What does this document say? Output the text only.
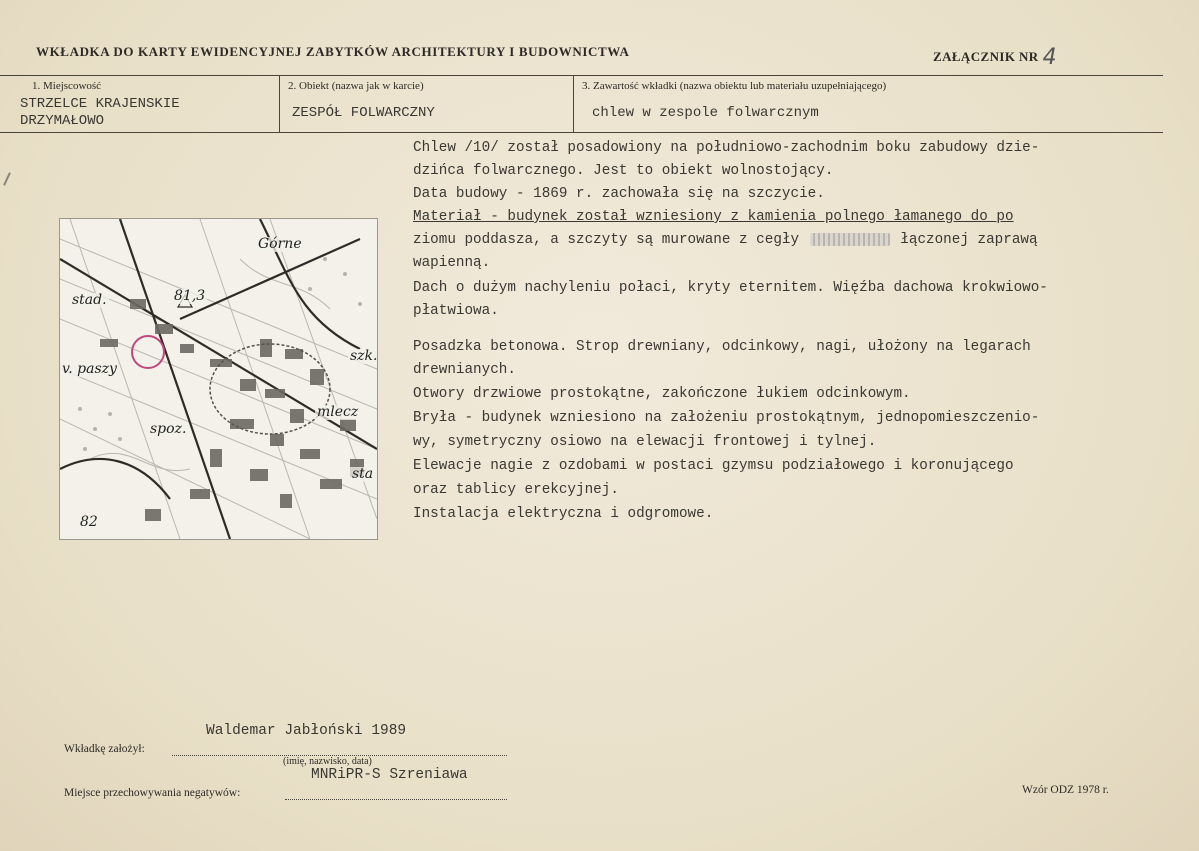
WKŁADKA DO KARTY EWIDENCYJNEJ ZABYTKÓW ARCHITEKTURY I BUDOWNICTWA	ZAŁĄCZNIK NR 4
1. Miejscowość
STRZELCE KRAJENSKIE
DRZYMAŁOWO
2. Obiekt (nazwa jak w karcie)
ZESPÓŁ FOLWARCZNY
3. Zawartość wkładki (nazwa obiektu lub materiału uzupełniającego)
chlew w zespole folwarcznym
stad.	81,3
v. paszy
spoz.
Górne
szk.
mlecz
sta
82
Chlew /10/ został posadowiony na południowo-zachodnim boku zabudowy dzie-
dzińca folwarcznego. Jest to obiekt wolnostojący.
Data budowy - 1869 r. zachowała się na szczycie.
Materiał - budynek został wzniesiony z kamienia polnego łamanego do po
ziomu poddasza, a szczyty są murowane z cegły	łączonej zaprawą
wapienną.
Dach o dużym nachyleniu połaci, kryty eternitem. Więźba dachowa krokwiowo-
płatwiowa.
Posadzka betonowa. Strop drewniany, odcinkowy, nagi, ułożony na legarach
drewnianych.
Otwory drzwiowe prostokątne, zakończone łukiem odcinkowym.
Bryła - budynek wzniesiono na założeniu prostokątnym, jednopomieszczenio-
wy, symetryczny osiowo na elewacji frontowej i tylnej.
Elewacje nagie z ozdobami w postaci gzymsu podziałowego i koronującego
oraz tablicy erekcyjnej.
Instalacja elektryczna i odgromowe.
Waldemar Jabłoński 1989
Wkładkę założył:
(imię, nazwisko, data)
MNRiPR-S Szreniawa
Miejsce przechowywania negatywów:	Wzór ODZ 1978 r.
